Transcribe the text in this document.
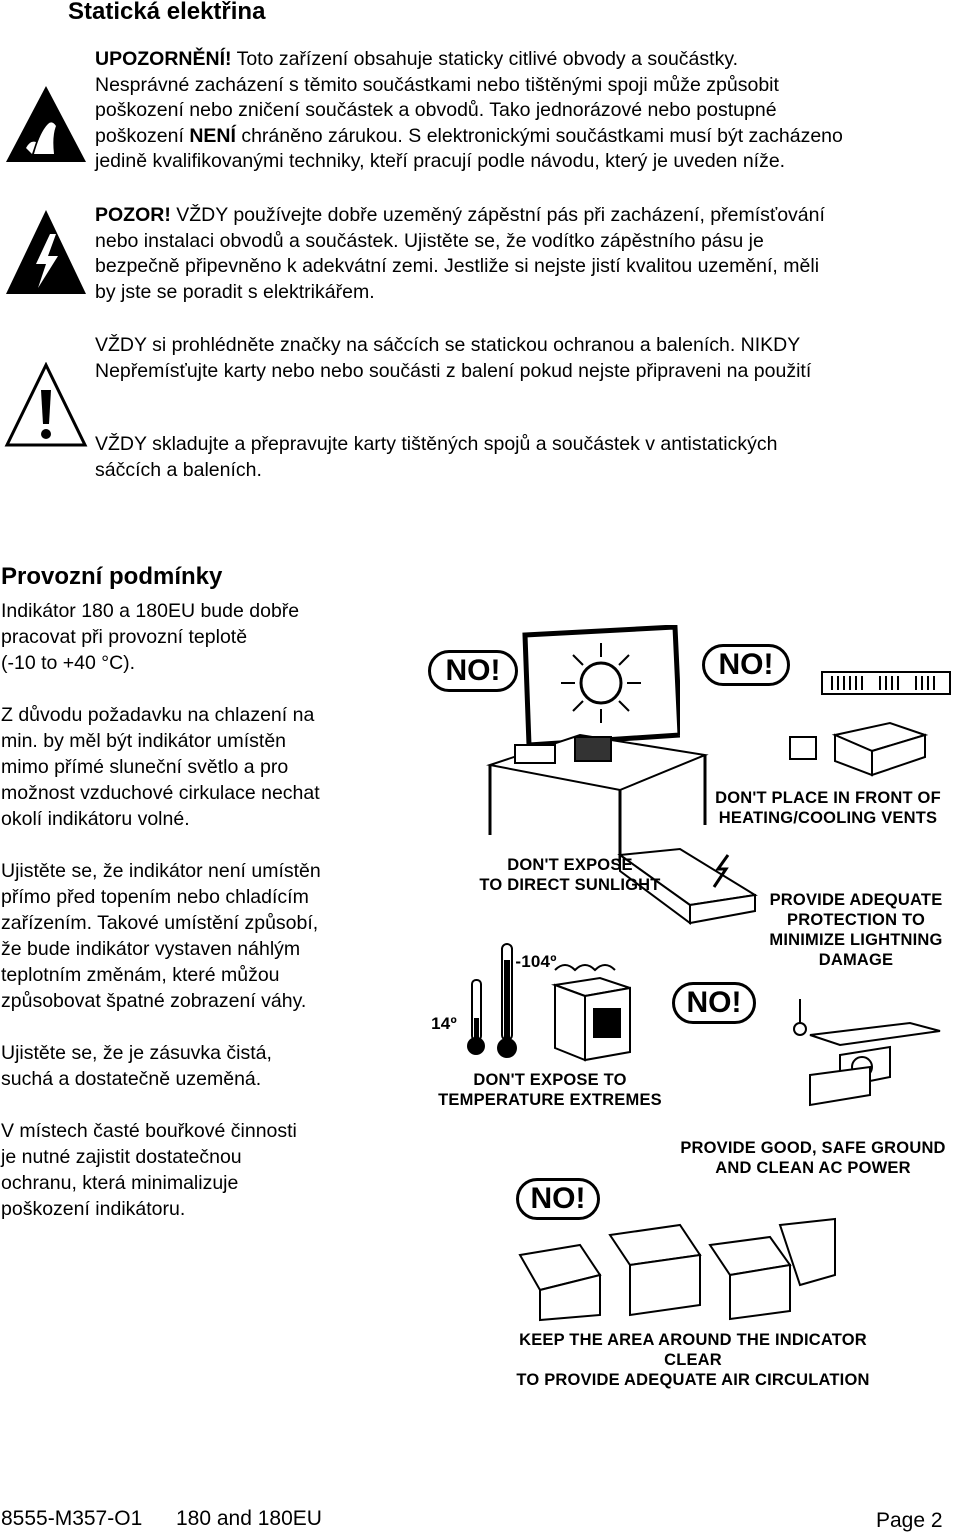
Statická elektřina

UPOZORNĚNÍ! Toto zařízení obsahuje staticky citlivé obvody a součástky.
Nesprávné zacházení s těmito součástkami nebo tištěnými spoji může způsobit
poškození nebo zničení součástek a obvodů. Tako jednorázové nebo postupné
poškození NENÍ chráněno zárukou. S elektronickými součástkami musí být zacházeno
jedině kvalifikovanými techniky, kteří pracují podle návodu, který je uveden níže.

POZOR! VŽDY používejte dobře uzeměný zápěstní pás při zacházení, přemísťování
nebo instalaci obvodů a součástek. Ujistěte se, že vodítko zápěstního pásu je
bezpečně připevněno k adekvátní zemi. Jestliže si nejste jistí kvalitou uzemění, měli
by jste se poradit s elektrikářem.

VŽDY si prohlédněte značky na sáčcích se statickou ochranou a baleních. NIKDY
Nepřemísťujte karty nebo nebo součásti z balení pokud nejste připraveni na použití

VŽDY skladujte a přepravujte karty tištěných spojů a součástek v antistatických
sáčcích a baleních.

Provozní podmínky

Indikátor 180 a 180EU bude dobře
pracovat při provozní teplotě
(-10 to +40 °C).

Z důvodu požadavku na chlazení na
min. by měl být indikátor umístěn
mimo přímé sluneční světlo a pro
možnost vzduchové cirkulace nechat
okolí indikátoru volné.

Ujistěte se, že indikátor není umístěn
přímo před topením nebo chladícím
zařízením. Takové umístění způsobí,
že bude indikátor vystaven náhlým
teplotním změnám, které můžou
způsobovat špatné zobrazení váhy.

Ujistěte se, že je zásuvka čistá,
suchá a dostatečně uzeměná.

V místech časté bouřkové činnosti
je nutné zajistit dostatečnou
ochranu, která minimalizuje
poškození indikátoru.

NO!	NO!
NO!
NO!
DON'T PLACE IN FRONT OF
HEATING/COOLING VENTS
DON'T EXPOSE
TO DIRECT SUNLIGHT
PROVIDE ADEQUATE
PROTECTION TO
MINIMIZE LIGHTNING
DAMAGE
-104º
14º
DON'T EXPOSE TO
TEMPERATURE EXTREMES
PROVIDE GOOD, SAFE GROUND
AND CLEAN AC POWER
KEEP THE AREA AROUND THE INDICATOR
CLEAR
TO PROVIDE ADEQUATE AIR CIRCULATION
8555-M357-O1 180 and 180EU	Page 2
